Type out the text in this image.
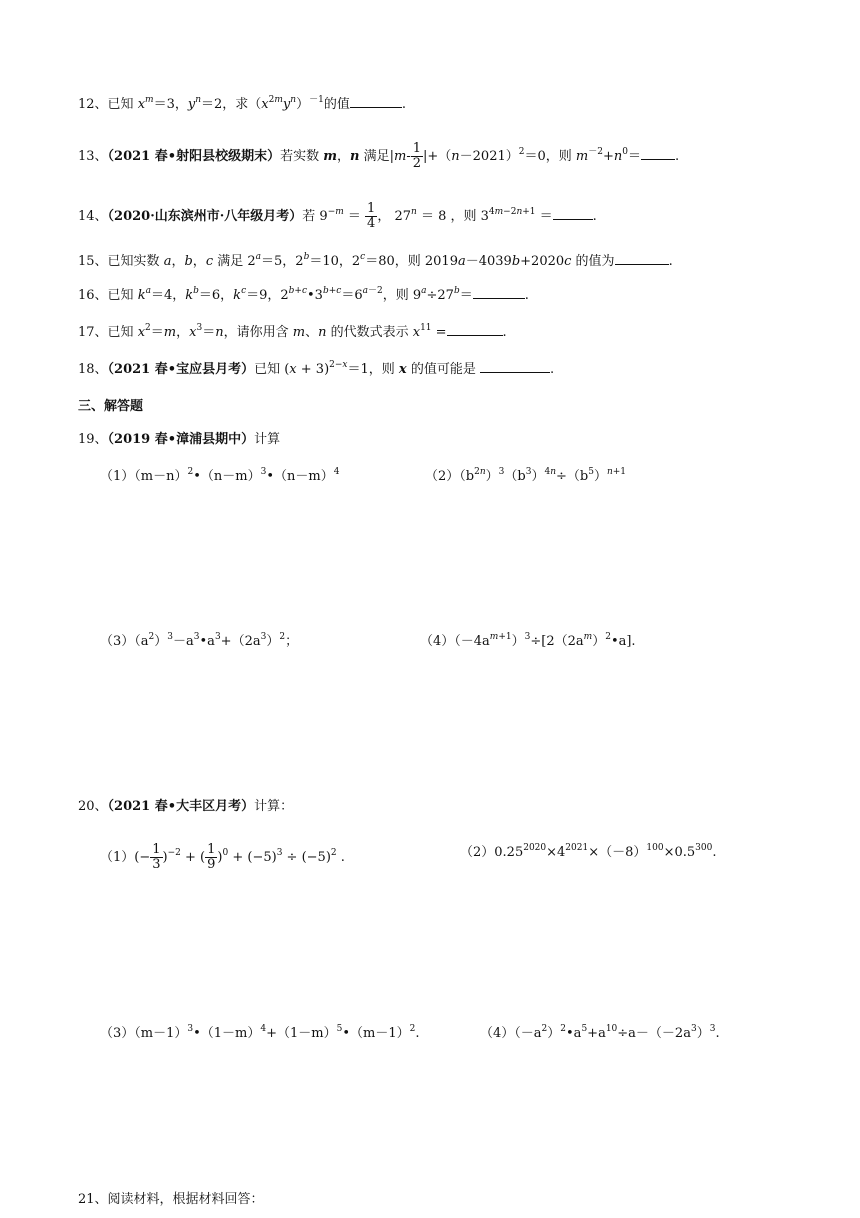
12、已知 $x^m=3$，$y^n=2$，求$(x^{2m}y^n)^{-1}$的值	.
13、（2021 春•射阳县校级期末）若实数 m，n 满足$|m- \frac{1}{2} |+(n-2021)^2=0$，则 $m^{-2}+n^0=$	.
14、（2020·山东滨州市·八年级月考）若 $9^{-m} = \frac{1}{4}$ ， $27^n = 8$ ，则 $3^{4m-2n+1}$ ＝	.
15、已知实数 a，b，c 满足 $2^a=5$，$2^b=10$，$2^c=80$，则 2019a－4039b+2020c 的值为	.
16、已知 $k^a=4$，$k^b=6$，$k^c=9$，$2^{b+c}•3^{b+c}=6^{a-2}$，则 $9^a\div 27^b=$	.
17、已知 $x^2=m$，$x^3=n$，请你用含 m、n 的代数式表示 $x^{11}$ =	.
18、（2021 春•宝应县月考）已知 $(x + 3)^{2-x}=1$，则 x 的值可能是	.
三、解答题
19、（2019 春•漳浦县期中）计算
$(1)(m-n)^2•(n-m)^3•(n-m)^4$	$(2)(b^{2n})^3(b^3)^{4n}\div(b^5)^{n+1}$
$(3)(a^2)^3-a^3•a^3+(2a^3)^2$；	$(4)(-4a^{m+1})^3\div[2(2a^m)^2•a]$.
20、（2021 春•大丰区月考）计算：
$(1)(- \frac{1}{3} )^{-2}$ + ( $\frac{1}{9} )^0 + (-5)^3 \div (-5)^2$ .	$(2)0.25^{2020}\times 4^{2021}\times(-8)^{100}\times 0.5^{300}$.
$(3)(m-1)^3•(1-m)^4+(1-m)^5•(m-1)^2$.	$(4)(-a^2)^2•a^5+a^{10}\div a-(-2a^3)^3$.
21、阅读材料，根据材料回答：
